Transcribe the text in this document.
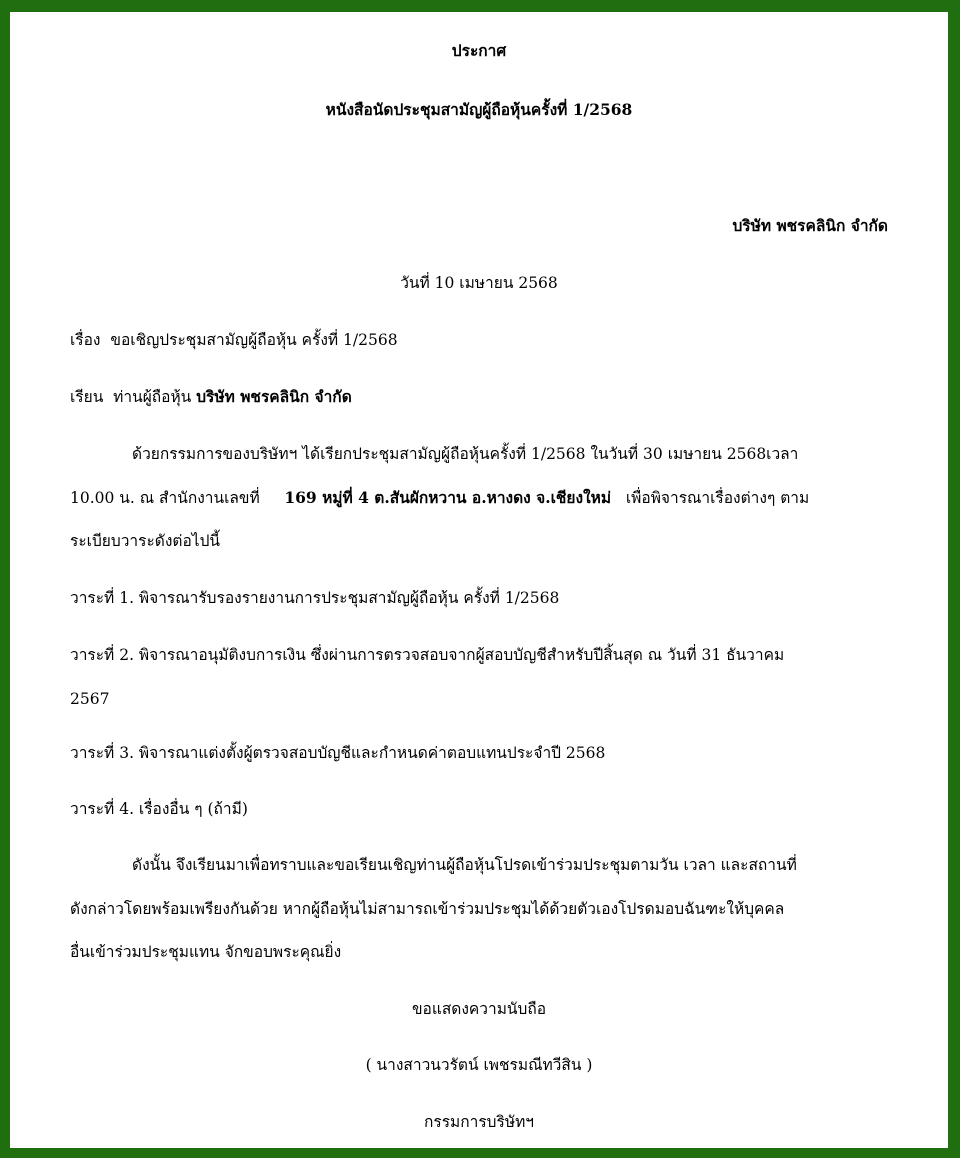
ประกาศ
หนังสือนัดประชุมสามัญผู้ถือหุ้นครั้งที่ 1/2568
บริษัท พชรคลินิก จำกัด
วันที่ 10 เมษายน 2568
เรื่อง ขอเชิญประชุมสามัญผู้ถือหุ้น ครั้งที่ 1/2568
เรียน ท่านผู้ถือหุ้น บริษัท พชรคลินิก จำกัด
ด้วยกรรมการของบริษัทฯ ได้เรียกประชุมสามัญผู้ถือหุ้นครั้งที่ 1/2568 ในวันที่ 30 เมษายน 2568เวลา
10.00 น. ณ สำนักงานเลขที่ 169 หมู่ที่ 4 ต.สันผักหวาน อ.หางดง จ.เชียงใหม่ เพื่อพิจารณาเรื่องต่างๆ ตาม
ระเบียบวาระดังต่อไปนี้
วาระที่ 1. พิจารณารับรองรายงานการประชุมสามัญผู้ถือหุ้น ครั้งที่ 1/2568
วาระที่ 2. พิจารณาอนุมัติงบการเงิน ซึ่งผ่านการตรวจสอบจากผู้สอบบัญชีสำหรับปีสิ้นสุด ณ วันที่ 31 ธันวาคม
2567
วาระที่ 3. พิจารณาแต่งตั้งผู้ตรวจสอบบัญชีและกำหนดค่าตอบแทนประจำปี 2568
วาระที่ 4. เรื่องอื่น ๆ (ถ้ามี)
ดังนั้น จึงเรียนมาเพื่อทราบและขอเรียนเชิญท่านผู้ถือหุ้นโปรดเข้าร่วมประชุมตามวัน เวลา และสถานที่
ดังกล่าวโดยพร้อมเพรียงกันด้วย หากผู้ถือหุ้นไม่สามารถเข้าร่วมประชุมได้ด้วยตัวเองโปรดมอบฉันฑะให้บุคคล
อื่นเข้าร่วมประชุมแทน จักขอบพระคุณยิ่ง
ขอแสดงความนับถือ
( นางสาวนวรัตน์ เพชรมณีทวีสิน )
กรรมการบริษัทฯ
